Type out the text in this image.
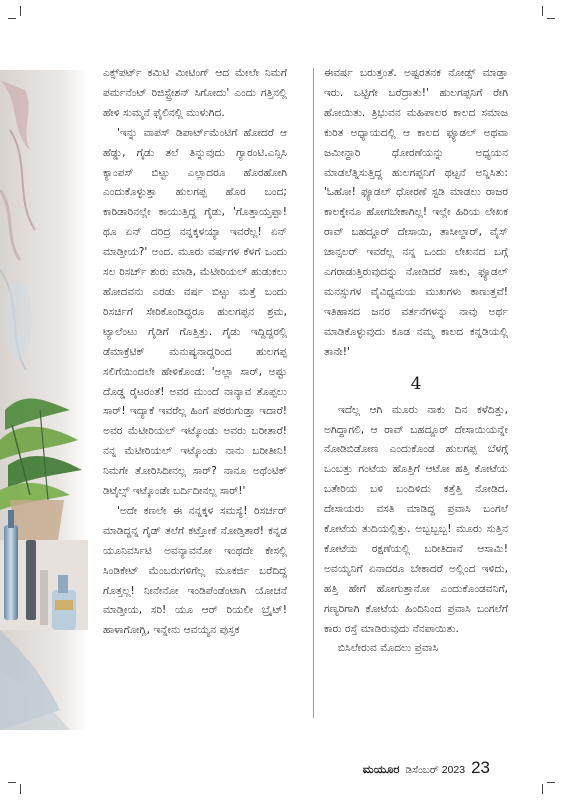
ಎಕ್ಸ್‌ಪರ್ಟ್ ಕಮಿಟಿ ಮೀಟಿಂಗ್ ಆದ ಮೇಲೇ ನಿಮಗೆ ಪರ್ಮನೆಂಟ್ ರಿಜಿಸ್ಟ್ರೇಶನ್ ಸಿಗೋದು' ಎಂದು ಗತ್ತಿನಲ್ಲಿ ಹೇಳಿ ಸುಮ್ಮನೆ ಫೈಲಿನಲ್ಲಿ ಮುಳುಗಿದ.

'ಇನ್ನು ವಾಪಸ್ ಡಿಪಾರ್ಟ್‌ಮೆಂಟಿಗೆ ಹೋದರೆ ಆ ಹೆಡ್ಡು, ಗೈಡು ತಲೆ ತಿನ್ನುವುದು ಗ್ಯಾರಂಟಿ.ಎನ್ಸಿಸಿ ಕ್ಯಾಂಪಸ್ ಬಿಟ್ಟು ಎಲ್ಲಾದರೂ ಹೊರಹೋಗಿ ಎಂದುಕೊಳ್ಳುತ್ತಾ ಹುಲಗಪ್ಪ ಹೊರ ಬಂದ; ಕಾರಿಡಾರಿನಲ್ಲೇ ಕಾಯುತ್ತಿದ್ದ ಗೈಡು, 'ಗೊತ್ತಾಯ್ತಪ್ಪಾ! ಥೂ ಏನ್ ದರಿದ್ರ ನನ್ನಕ್ಕಳಯ್ಯಾ ಇವರೆಲ್ಲ! ಏನ್ ಮಾಡ್ತೀಯ?' ಅಂದ. ಮೂರು ವರ್ಷಗಳ ಕೆಳಗೆ ಒಂದು ಸಲ ರಿಸರ್ಚ್ ಶುರು ಮಾಡಿ, ಮೆಟೀರಿಯಲ್ ಹುಡುಕಲು ಹೋದವನು ಎರಡು ವರ್ಷ ಬಿಟ್ಟು ಮತ್ತೆ ಬಂದು ರಿಸರ್ಚಿಗೆ ಸೇರಿಕೊಂಡಿದ್ದರೂ ಹುಲಗಪ್ಪನ ಶ್ರಮ, ಟ್ಯಾಲೆಂಟು ಗೈಡಿಗೆ ಗೊತ್ತಿತ್ತು. ಗೈಡು ಇದ್ದಿದ್ದರಲ್ಲಿ ಡೆಮಾಕ್ರೆಟಿಕ್ ಮನುಷ್ಯನಾದ್ದರಿಂದ ಹುಲಗಪ್ಪ ಸಲಿಗೆಯಿಂದಲೇ ಹೇಳಿಕೊಂಡ: 'ಅಲ್ಲಾ ಸಾರ್, ಅಷ್ಟು ದೊಡ್ಡ ರೈಟರಂತೆ! ಅವರ ಮುಂದೆ ನಾನ್ಯಾವ ತೊಪ್ಪಲು ಸಾರ್! ಇದ್ಯಾಕೆ ಇವರೆಲ್ಲ ಹಿಂಗೆ ಪಠರುಗುಡ್ತಾ ಇದಾರೆ! ಅವರ ಮೆಟೀರಿಯಲ್ ಇಟ್ಕೊಂಡು ಅವರು ಬರೀತಾರೆ! ನನ್ನ ಮೆಟೀರಿಯಲ್ ಇಟ್ಕೊಂಡು ನಾನು ಬರೀತೀನಿ! ನಿಮಗೇ ತೋರಿಸಿದೀನಲ್ಲ ಸಾರ್? ನಾನೂ ಅಥೆಂಟಿಕ್ ಡಿಟೈಲ್ಸ್ ಇಟ್ಕೊಂಡೇ ಬರ್ದಿದೀನಲ್ಲ ಸಾರ್!'

'ಅದೇ ಕಣಲೇ ಈ ನನ್ನಕ್ಕಳ ಸಮಸ್ಯೆ! ರಿಸರ್ಚರ್ ಮಾಡಿದ್ದನ್ನ ಗೈಡ್ ತಲೆಗೆ ಕಟ್ತೋಕೆ ನೋಡ್ತಿತಾರೆ! ಕನ್ನಡ ಯೂನಿವರ್ಸಿಟಿ ಅವನ್ಯಾವನೋ ಇಂಥದೇ ಕೇಸಲ್ಲಿ ಸಿಂಡಿಕೇಟ್ ಮೆಂಬರುಗಳಿಗೆಲ್ಲ ಮೂಕರ್ಜಿ ಬರೆದಿದ್ದ ಗೊತ್ತಲ್ಲ! ನೀನೇನೋ ಇಂಡಿಪೆಂಡೆಂಟಾಗಿ ಯೋಚನೆ ಮಾಡ್ತೀಯ, ಸರಿ! ಯೂ ಆರ್ ರಿಯಲೀ ಬ್ರೈಟ್! ಹಾಳಾಗೋಗ್ಲಿ, ಇನ್ನೇನು ಆವಯ್ಯನ ಪುಸ್ತಕ

ಈವರ್ಷ ಬರುತ್ತಂತೆ. ಅಷ್ಟರತನಕ ನೋಡ್ಸ್ ಮಾಡ್ತಾ ಇರು. ಒಟ್ಟಿಗೇ ಬರೆದ್ರಾತು!' ಹುಲಗಪ್ಪನಿಗೆ ರೇಗಿ ಹೋಯಿತು. ತ್ರಿಭುವನ ಮಹಿಪಾಲರ ಕಾಲದ ಸಮಾಜ ಕುರಿತ ಅಧ್ಯಾಯದಲ್ಲಿ ಆ ಕಾಲದ ಫ್ಯೂಡಲ್ ಅಥವಾ ಜಮೀನ್ದಾರಿ ಧೋರಣೆಯನ್ನು ಅಧ್ಯಯನ ಮಾಡಲೆತ್ನಿಸುತ್ತಿದ್ದ ಹುಲಗಪ್ಪನಿಗೆ ಥಟ್ಟನೆ ಅನ್ನಿಸಿತು: 'ಓಹೋ! ಫ್ಯೂಡಲ್ ಧೋರಣೆ ಸ್ಟಡಿ ಮಾಡಲು ರಾಜರ ಕಾಲಕ್ಕೇನೂ ಹೋಗಬೇಕಾಗಿಲ್ಲ! ಇಲ್ಲೇ ಹಿರಿಯ ಲೇಖಕ ರಾವ್ ಬಹದ್ದೂರ್ ದೇಸಾಯಿ, ತಾಸೀಲ್ದಾರ್, ವೈಸ್ ಚಾನ್ಸಲರ್ ಇವರೆಲ್ಲ ನನ್ನ ಒಂದು ಲೇಖನದ ಬಗ್ಗೆ ಎಗರಾಡುತ್ತಿರುವುದನ್ನು ನೋಡಿದರೆ ಸಾಕು, ಫ್ಯೂಡಲ್ ಮನಸ್ಸುಗಳ ವೈವಿಧ್ಯಮಯ ಮುಖಗಳು ಕಾಣುತ್ತವೆ! ಇತಿಹಾಸದ ಜನರ ವರ್ತನೆಗಳನ್ನು ನಾವು ಅರ್ಥ ಮಾಡಿಕೊಳ್ಳುವುದು ಕೂಡ ನಮ್ಮ ಕಾಲದ ಕನ್ನಡಿಯಲ್ಲಿ ತಾನೇ!'

4

ಇದೆಲ್ಲ ಆಗಿ ಮೂರು ನಾಕು ದಿನ ಕಳೆದಿತ್ತು, ಅಗಿದ್ದಾಗಲಿ, ಆ ರಾವ್ ಬಹದ್ದೂರ್ ದೇಸಾಯಿಯನ್ನೇ ನೋಡಿಬಿಡೋಣ ಎಂದುಕೊಂಡ ಹುಲಗಪ್ಪ ಬೆಳಗ್ಗೆ ಒಂಬತ್ತು ಗಂಟೆಯ ಹೊತ್ತಿಗೆ ಆಟೋ ಹತ್ತಿ ಕೋಟೆಯ ಬತೇರಿಯ ಬಳಿ ಬಂದಿಳಿದು ಕತ್ತೆತ್ತಿ ನೋಡಿದ. ದೇಸಾಯರು ವಸತಿ ಮಾಡಿದ್ದ ಪ್ರವಾಸಿ ಬಂಗಲೆ ಕೋಟೆಯ ತುದಿಯಲ್ಲಿತ್ತು. ಅಬ್ಬಬ್ಬಬ್ಬ! ಮೂರು ಸುತ್ತಿನ ಕೋಟೆಯ ರಕ್ಷಣೆಯಲ್ಲಿ ಬರೀತಿದಾನೆ ಆಸಾಮಿ! ಅವಯ್ಯನಿಗೆ ಏನಾದರೂ ಬೇಕಾದರೆ ಅಲ್ಲಿಂದ ಇಳಿದು, ಹತ್ತಿ ಹೇಗೆ ಹೋಗುತ್ತಾನೋ ಎಂದುಕೊಂಡವನಿಗೆ, ಗಣ್ಯರಿಗಾಗಿ ಕೋಟೆಯ ಹಿಂದಿನಿಂದ ಪ್ರವಾಸಿ ಬಂಗಲೆಗೆ ಕಾರು ರಸ್ತೆ ಮಾಡಿರುವುದು ನೆನಪಾಯಿತು.

ಬಿಸಿಲೇರುವ ಮೊದಲು ಪ್ರವಾಸಿ

ಮಯೂರ ಡಿಸೆಂಬರ್ 2023 23
